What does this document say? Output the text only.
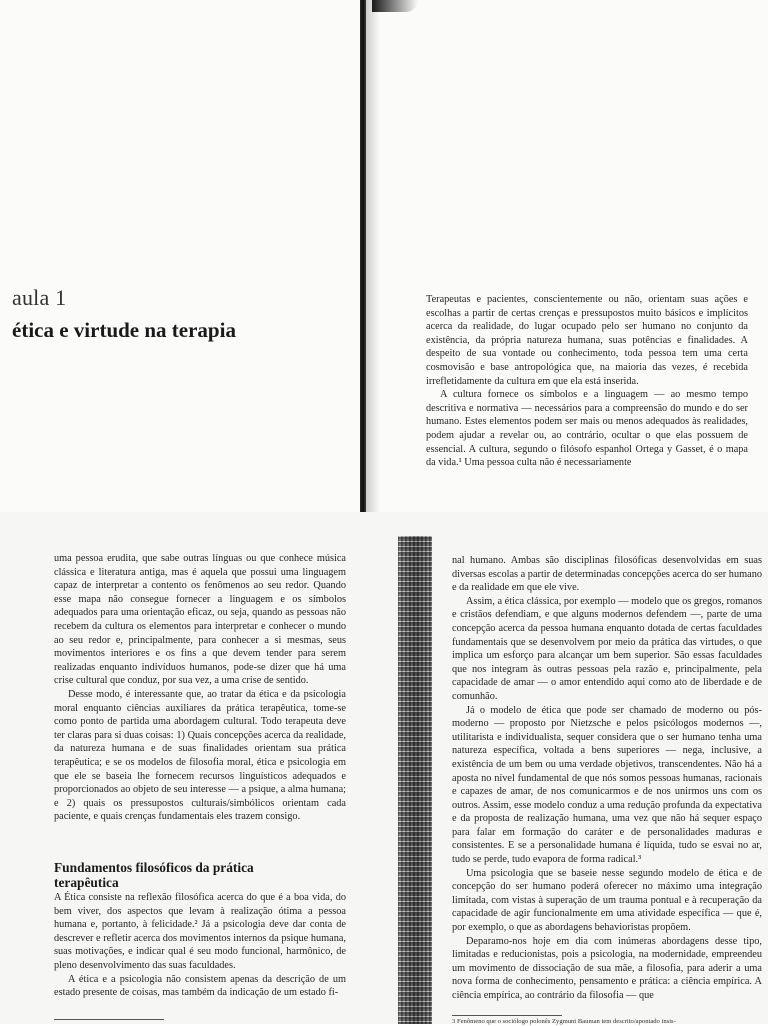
aula 1
ética e virtude na terapia

Terapeutas e pacientes, conscientemente ou não, orientam suas ações e escolhas a partir de certas crenças e pressupostos muito básicos e implícitos acerca da realidade, do lugar ocupado pelo ser humano no conjunto da existência, da própria natureza humana, suas potências e finalidades. A despeito de sua vontade ou conhecimento, toda pessoa tem uma certa cosmovisão e base antropológica que, na maioria das vezes, é recebida irrefletidamente da cultura em que ela está inserida.

A cultura fornece os símbolos e a linguagem — ao mesmo tempo descritiva e normativa — necessários para a compreensão do mundo e do ser humano. Estes elementos podem ser mais ou menos adequados às realidades, podem ajudar a revelar ou, ao contrário, ocultar o que elas possuem de essencial. A cultura, segundo o filósofo espanhol Ortega y Gasset, é o mapa da vida.¹ Uma pessoa culta não é necessariamente

uma pessoa erudita, que sabe outras línguas ou que conhece música clássica e literatura antiga, mas é aquela que possui uma linguagem capaz de interpretar a contento os fenômenos ao seu redor. Quando esse mapa não consegue fornecer a linguagem e os símbolos adequados para uma orientação eficaz, ou seja, quando as pessoas não recebem da cultura os elementos para interpretar e conhecer o mundo ao seu redor e, principalmente, para conhecer a si mesmas, seus movimentos interiores e os fins a que devem tender para serem realizadas enquanto indivíduos humanos, pode-se dizer que há uma crise cultural que conduz, por sua vez, a uma crise de sentido.

Desse modo, é interessante que, ao tratar da ética e da psicologia moral enquanto ciências auxiliares da prática terapêutica, tome-se como ponto de partida uma abordagem cultural. Todo terapeuta deve ter claras para si duas coisas: 1) Quais concepções acerca da realidade, da natureza humana e de suas finalidades orientam sua prática terapêutica; e se os modelos de filosofia moral, ética e psicologia em que ele se baseia lhe fornecem recursos linguísticos adequados e proporcionados ao objeto de seu interesse — a psique, a alma humana; e 2) quais os pressupostos culturais/simbólicos orientam cada paciente, e quais crenças fundamentais eles trazem consigo.

Fundamentos filosóficos da prática terapêutica

A Ética consiste na reflexão filosófica acerca do que é a boa vida, do bem viver, dos aspectos que levam à realização ótima a pessoa humana e, portanto, à felicidade.² Já a psicologia deve dar conta de descrever e refletir acerca dos movimentos internos da psique humana, suas motivações, e indicar qual é seu modo funcional, harmônico, de pleno desenvolvimento das suas faculdades.

A ética e a psicologia não consistem apenas da descrição de um estado presente de coisas, mas também da indicação de um estado fi-

nal humano. Ambas são disciplinas filosóficas desenvolvidas em suas diversas escolas a partir de determinadas concepções acerca do ser humano e da realidade em que ele vive.

Assim, a ética clássica, por exemplo — modelo que os gregos, romanos e cristãos defendiam, e que alguns modernos defendem —, parte de uma concepção acerca da pessoa humana enquanto dotada de certas faculdades fundamentais que se desenvolvem por meio da prática das virtudes, o que implica um esforço para alcançar um bem superior. São essas faculdades que nos integram às outras pessoas pela razão e, principalmente, pela capacidade de amar — o amor entendido aqui como ato de liberdade e de comunhão.

Já o modelo de ética que pode ser chamado de moderno ou pós-moderno — proposto por Nietzsche e pelos psicólogos modernos —, utilitarista e individualista, sequer considera que o ser humano tenha uma natureza específica, voltada a bens superiores — nega, inclusive, a existência de um bem ou uma verdade objetivos, transcendentes. Não há a aposta no nível fundamental de que nós somos pessoas humanas, racionais e capazes de amar, de nos comunicarmos e de nos unirmos uns com os outros. Assim, esse modelo conduz a uma redução profunda da expectativa e da proposta de realização humana, uma vez que não há sequer espaço para falar em formação do caráter e de personalidades maduras e consistentes. E se a personalidade humana é líquida, tudo se esvai no ar, tudo se perde, tudo evapora de forma radical.³

Uma psicologia que se baseie nesse segundo modelo de ética e de concepção do ser humano poderá oferecer no máximo uma integração limitada, com vistas à superação de um trauma pontual e à recuperação da capacidade de agir funcionalmente em uma atividade específica — que é, por exemplo, o que as abordagens behavioristas propõem.

Deparamo-nos hoje em dia com inúmeras abordagens desse tipo, limitadas e reducionistas, pois a psicologia, na modernidade, empreendeu um movimento de dissociação de sua mãe, a filosofia, para aderir a uma nova forma de conhecimento, pensamento e prática: a ciência empírica. A ciência empírica, ao contrário da filosofia — que

3 Fenômeno que o sociólogo polonês Zygmunt Bauman tem descrito/apontado insis-
